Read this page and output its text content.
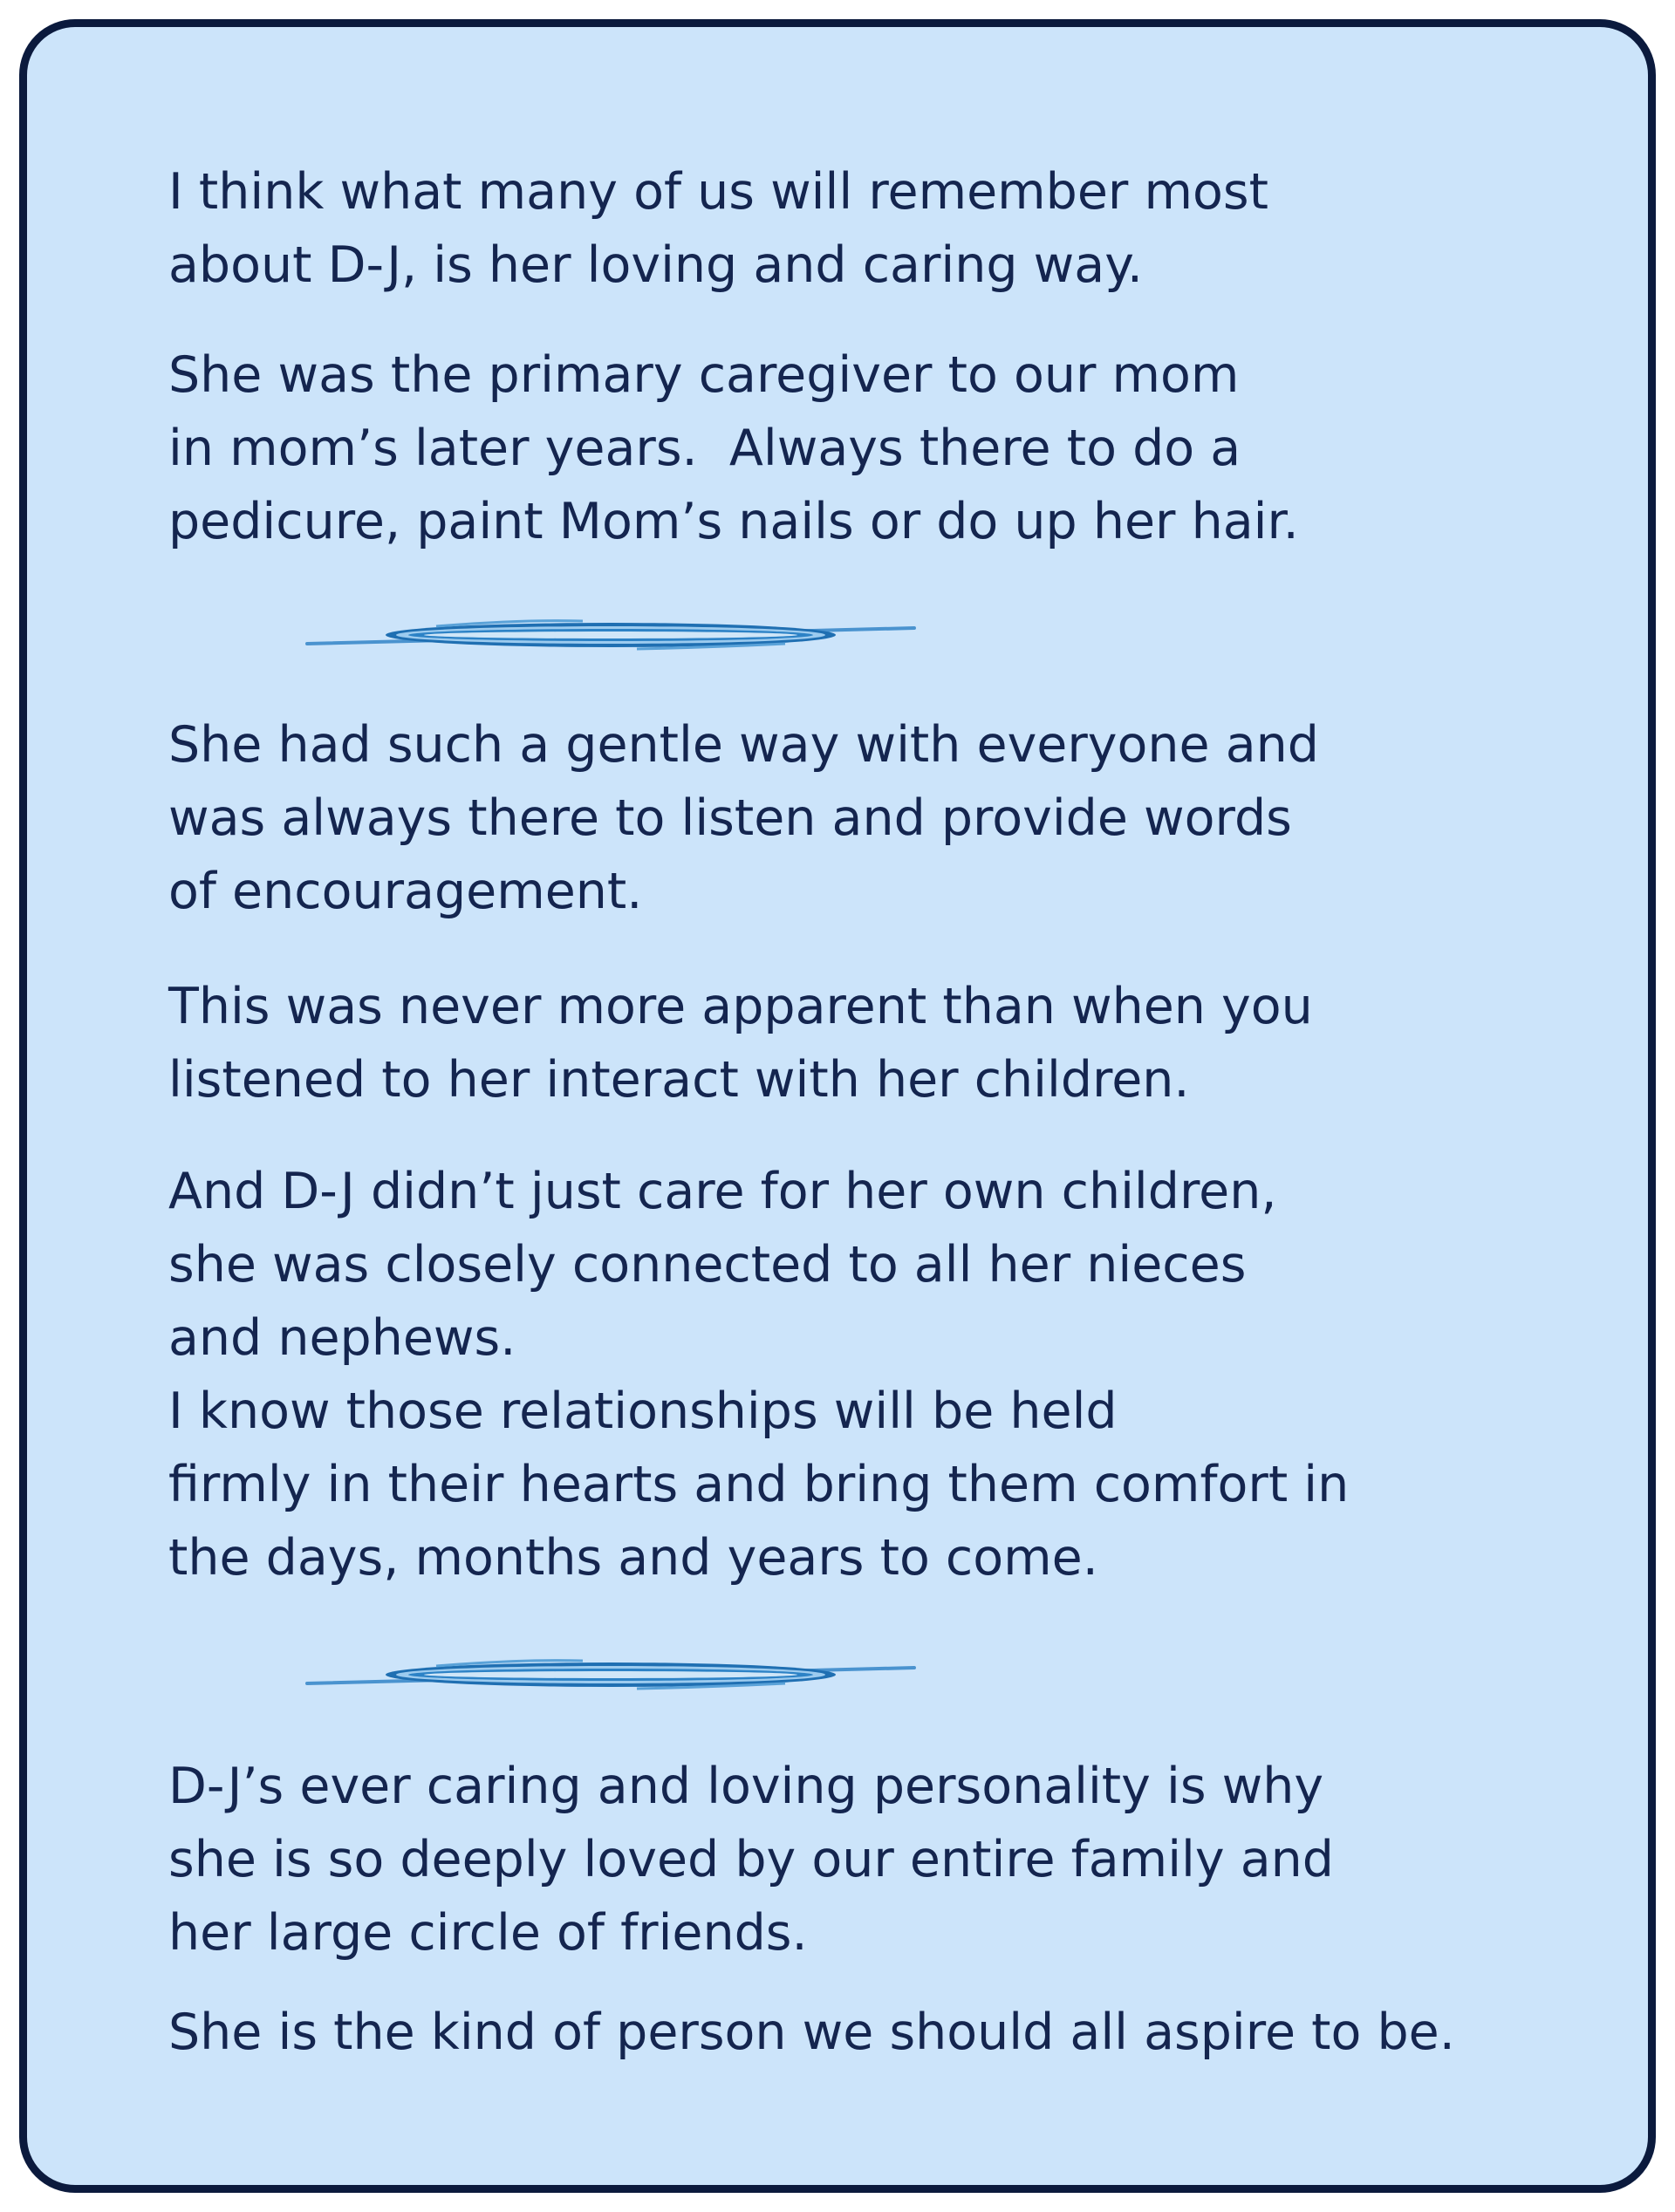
I think what many of us will remember most
about D-J, is her loving and caring way.

She was the primary caregiver to our mom
in mom’s later years.  Always there to do a
pedicure, paint Mom’s nails or do up her hair.

She had such a gentle way with everyone and
was always there to listen and provide words
of encouragement.

This was never more apparent than when you
listened to her interact with her children.

And D-J didn’t just care for her own children,
she was closely connected to all her nieces
and nephews.
I know those relationships will be held
firmly in their hearts and bring them comfort in
the days, months and years to come.

D-J’s ever caring and loving personality is why
she is so deeply loved by our entire family and
her large circle of friends.

She is the kind of person we should all aspire to be.
